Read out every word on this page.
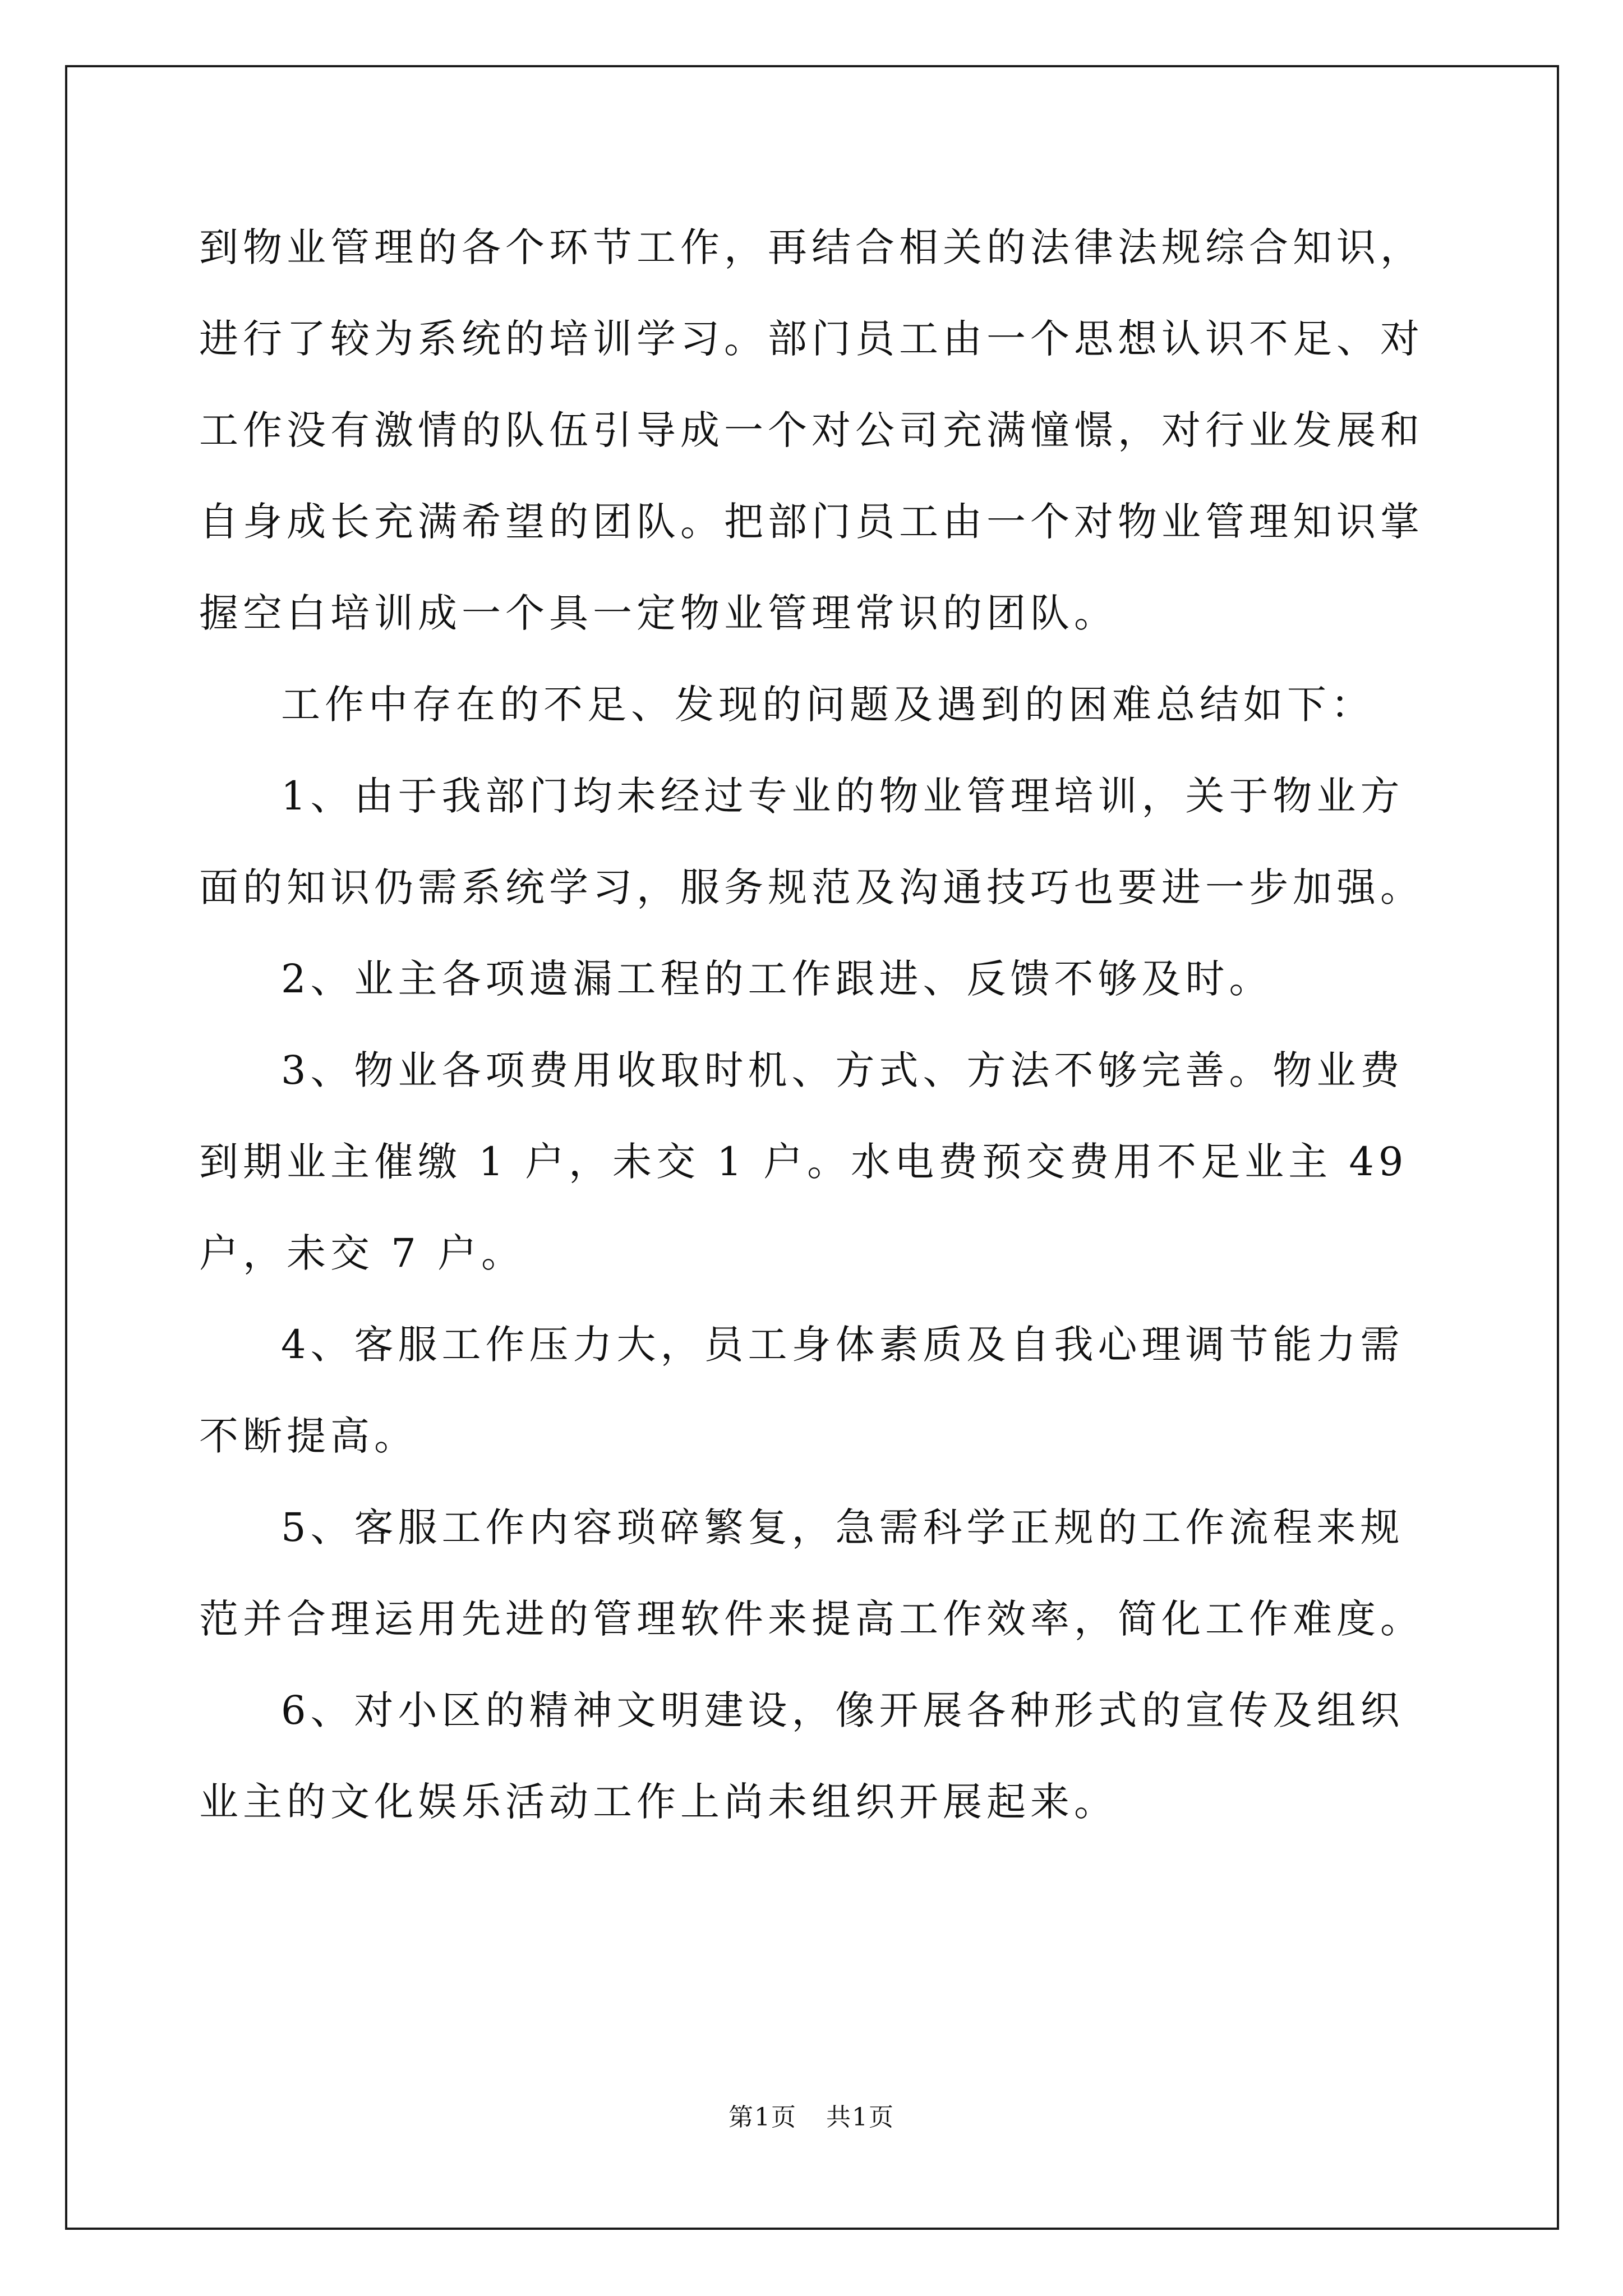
到物业管理的各个环节工作，再结合相关的法律法规综合知识，进行了较为系统的培训学习。部门员工由一个思想认识不足、对工作没有激情的队伍引导成一个对公司充满憧憬，对行业发展和自身成长充满希望的团队。把部门员工由一个对物业管理知识掌握空白培训成一个具一定物业管理常识的团队。

工作中存在的不足、发现的问题及遇到的困难总结如下：

1、由于我部门均未经过专业的物业管理培训，关于物业方面的知识仍需系统学习，服务规范及沟通技巧也要进一步加强。

2、业主各项遗漏工程的工作跟进、反馈不够及时。

3、物业各项费用收取时机、方式、方法不够完善。物业费到期业主催缴 1 户，未交 1 户。水电费预交费用不足业主 49 户，未交 7 户。

4、客服工作压力大，员工身体素质及自我心理调节能力需不断提高。

5、客服工作内容琐碎繁复，急需科学正规的工作流程来规范并合理运用先进的管理软件来提高工作效率，简化工作难度。

6、对小区的精神文明建设，像开展各种形式的宣传及组织业主的文化娱乐活动工作上尚未组织开展起来。

第1页 共1页
